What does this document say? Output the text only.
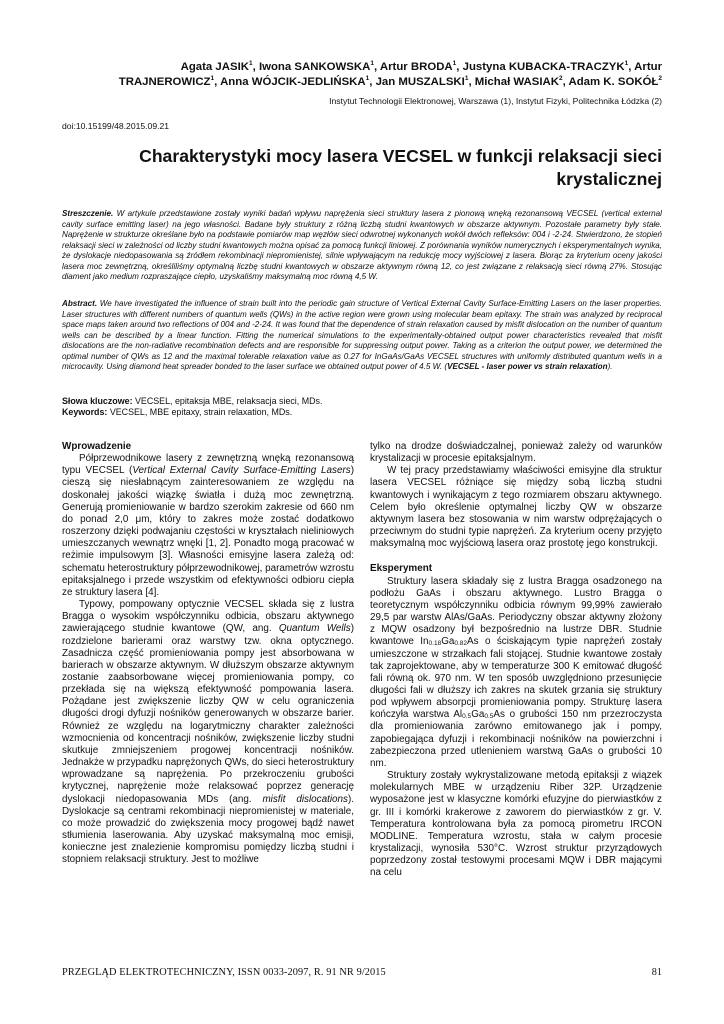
Agata JASIK$^1$, Iwona SANKOWSKA$^1$, Artur BRODA$^1$, Justyna KUBACKA-TRACZYK$^1$, Artur
TRAJNEROWICZ$^1$, Anna WÓJCIK-JEDLIŃSKA$^1$, Jan MUSZALSKI$^1$, Michał WASIAK$^2$, Adam K. SOKÓŁ$^2$
Instytut Technologii Elektronowej, Warszawa (1), Instytut Fizyki, Politechnika Łódzka (2)
doi:10.15199/48.2015.09.21
Charakterystyki mocy lasera VECSEL w funkcji relaksacji sieci krystalicznej
Streszczenie. W artykule przedstawione zostały wyniki badań wpływu naprężenia sieci struktury lasera z pionową wnęką rezonansową VECSEL (vertical external cavity surface emitting laser) na jego własności. Badane były struktury z różną liczbą studni kwantowych w obszarze aktywnym. Pozostałe parametry były stałe. Naprężenie w strukturze określane było na podstawie pomiarów map węzłów sieci odwrotnej wykonanych wokół dwóch refleksów: 004 i -2-24. Stwierdzono, że stopień relaksacji sieci w zależności od liczby studni kwantowych można opisać za pomocą funkcji liniowej. Z porównania wyników numerycznych i eksperymentalnych wynika, że dyslokacje niedopasowania są źródłem rekombinacji niepromienistej, silnie wpływającym na redukcję mocy wyjściowej z lasera. Biorąc za kryterium oceny jakości lasera moc zewnętrzną, określiliśmy optymalną liczbę studni kwantowych w obszarze aktywnym równą 12, co jest związane z relaksacją sieci równą 27%. Stosując diament jako medium rozpraszające ciepło, uzyskaliśmy maksymalną moc równą 4,5 W.
Abstract. We have investigated the influence of strain built into the periodic gain structure of Vertical External Cavity Surface-Emitting Lasers on the laser properties. Laser structures with different numbers of quantum wells (QWs) in the active region were grown using molecular beam epitaxy. The strain was analyzed by reciprocal space maps taken around two reflections of 004 and -2-24. It was found that the dependence of strain relaxation caused by misfit dislocation on the number of quantum wells can be described by a linear function. Fitting the numerical simulations to the experimentally-obtained output power characteristics revealed that misfit dislocations are the non-radiative recombination defects and are responsible for suppressing output power. Taking as a criterion the output power, we determined the optimal number of QWs as 12 and the maximal tolerable relaxation value as 0.27 for InGaAs/GaAs VECSEL structures with uniformly distributed quantum wells in a microcavity. Using diamond heat spreader bonded to the laser surface we obtained output power of 4.5 W. (VECSEL - laser power vs strain relaxation).
Słowa kluczowe: VECSEL, epitaksja MBE, relaksacja sieci, MDs.
Keywords: VECSEL, MBE epitaxy, strain relaxation, MDs.
Wprowadzenie

Półprzewodnikowe lasery z zewnętrzną wnęką rezonansową typu VECSEL (Vertical External Cavity Surface-Emitting Lasers) cieszą się niesłabnącym zainteresowaniem ze względu na doskonałej jakości wiązkę światła i dużą moc zewnętrzną. Generują promieniowanie w bardzo szerokim zakresie od 660 nm do ponad 2,0 μm, który to zakres może zostać dodatkowo roszerzony dzięki podwajaniu częstości w kryształach nieliniowych umieszczanych wewnątrz wnęki [1, 2]. Ponadto mogą pracować w reżimie impulsowym [3]. Własności emisyjne lasera zależą od: schematu heterostruktury półprzewodnikowej, parametrów wzrostu epitaksjalnego i przede wszystkim od efektywności odbioru ciepła ze struktury lasera [4].

Typowy, pompowany optycznie VECSEL składa się z lustra Bragga o wysokim współczynniku odbicia, obszaru aktywnego zawierającego studnie kwantowe (QW, ang. Quantum Wells) rozdzielone barierami oraz warstwy tzw. okna optycznego. Zasadnicza część promieniowania pompy jest absorbowana w barierach w obszarze aktywnym. W dłuższym obszarze aktywnym zostanie zaabsorbowane więcej promieniowania pompy, co przekłada się na większą efektywność pompowania lasera. Pożądane jest zwiększenie liczby QW w celu ograniczenia długości drogi dyfuzji nośników generowanych w obszarze barier. Również ze względu na logarytmiczny charakter zależności wzmocnienia od koncentracji nośników, zwiększenie liczby studni skutkuje zmniejszeniem progowej koncentracji nośników. Jednakże w przypadku naprężonych QWs, do sieci heterostruktury wprowadzane są naprężenia. Po przekroczeniu grubości krytycznej, naprężenie może relaksować poprzez generację dyslokacji niedopasowania MDs (ang. misfit dislocations). Dyslokacje są centrami rekombinacji niepromienistej w materiale, co może prowadzić do zwiększenia mocy progowej bądź nawet stłumienia laserowania. Aby uzyskać maksymalną moc emisji, konieczne jest znalezienie kompromisu pomiędzy liczbą studni i stopniem relaksacji struktury. Jest to możliwe

tylko na drodze doświadczalnej, ponieważ zależy od warunków krystalizacji w procesie epitaksjalnym.

W tej pracy przedstawiamy właściwości emisyjne dla struktur lasera VECSEL różniące się między sobą liczbą studni kwantowych i wynikającym z tego rozmiarem obszaru aktywnego. Celem było określenie optymalnej liczby QW w obszarze aktywnym lasera bez stosowania w nim warstw odprężających o przeciwnym do studni typie naprężeń. Za kryterium oceny przyjęto maksymalną moc wyjściową lasera oraz prostotę jego konstrukcji.

Eksperyment

Struktury lasera składały się z lustra Bragga osadzonego na podłożu GaAs i obszaru aktywnego. Lustro Bragga o teoretycznym współczynniku odbicia równym 99,99% zawierało 29,5 par warstw AlAs/GaAs. Periodyczny obszar aktywny złożony z MQW osadzony był bezpośrednio na lustrze DBR. Studnie kwantowe $In_{0.18}Ga_{0.82}As$ o ściskającym typie naprężeń zostały umieszczone w strzałkach fali stojącej. Studnie kwantowe zostały tak zaprojektowane, aby w temperaturze 300 K emitować długość fali równą ok. 970 nm. W ten sposób uwzględniono przesunięcie długości fali w dłuższy ich zakres na skutek grzania się struktury pod wpływem absorpcji promieniowania pompy. Strukturę lasera kończyła warstwa $Al_{0.5}Ga_{0.5}As$ o grubości 150 nm przezroczysta dla promieniowania zarówno emitowanego jak i pompy, zapobiegająca dyfuzji i rekombinacji nośników na powierzchni i zabezpieczona przed utlenieniem warstwą GaAs o grubości 10 nm.

Struktury zostały wykrystalizowane metodą epitaksji z wiązek molekularnych MBE w urządzeniu Riber 32P. Urządzenie wyposażone jest w klasyczne komórki efuzyjne do pierwiastków z gr. III i komórki krakerowe z zaworem do pierwiastków z gr. V. Temperatura kontrolowana była za pomocą pirometru IRCON MODLINE. Temperatura wzrostu, stała w całym procesie krystalizacji, wynosiła 530°C. Wzrost struktur przyrządowych poprzedzony został testowymi procesami MQW i DBR mającymi na celu

PRZEGLĄD ELEKTROTECHNICZNY, ISSN 0033-2097, R. 91 NR 9/2015	81
